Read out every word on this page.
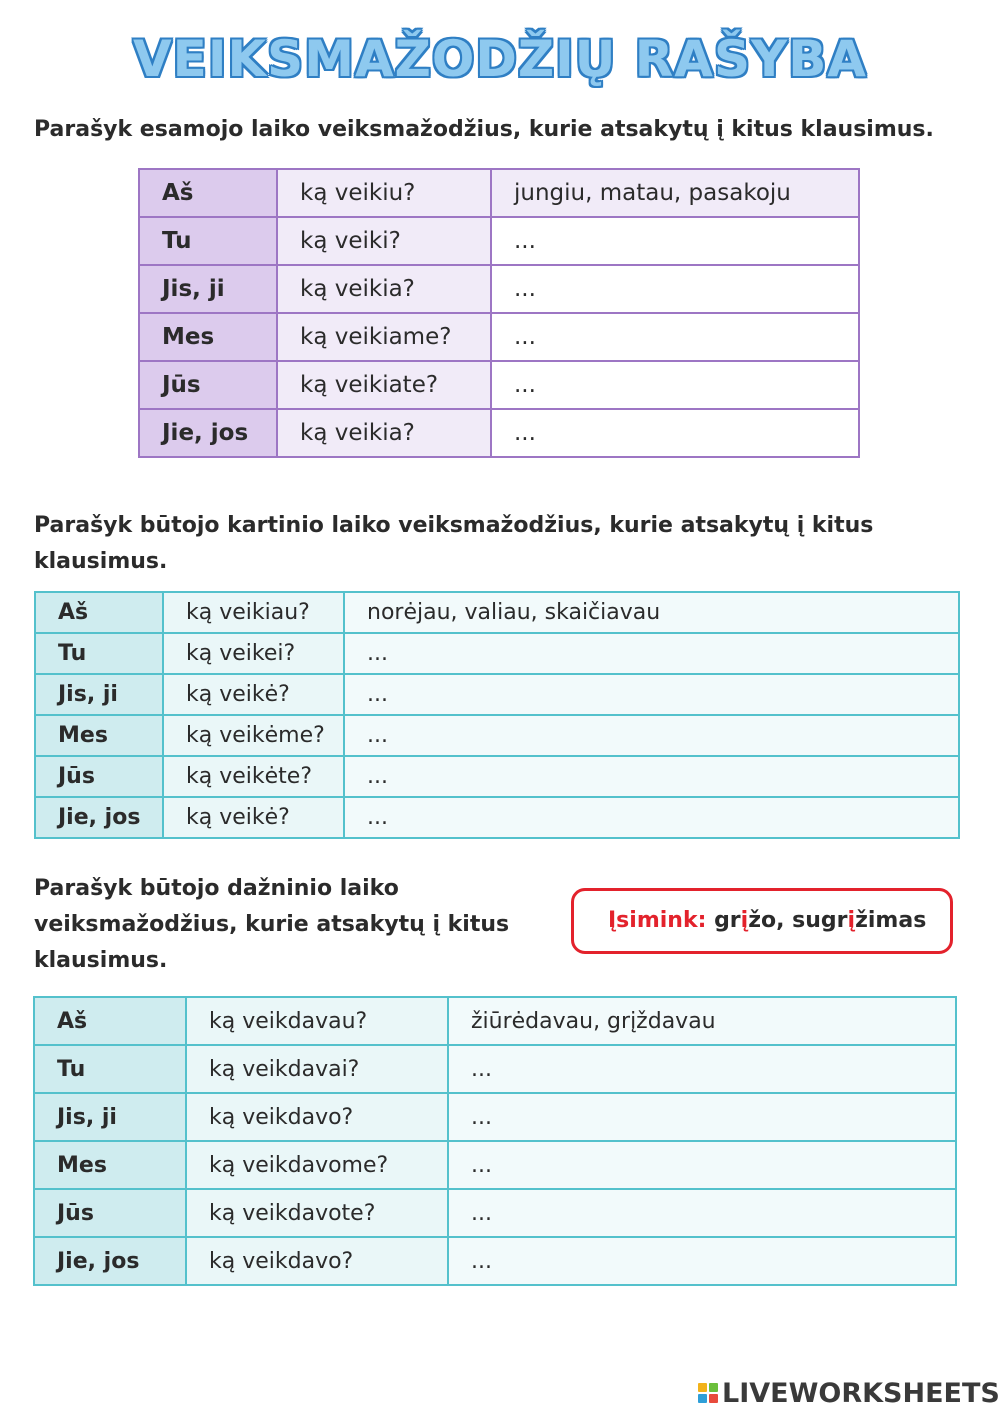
VEIKSMAŽODŽIŲ RAŠYBA
Parašyk esamojo laiko veiksmažodžius, kurie atsakytų į kitus klausimus.
Aš	ką veikiu?	jungiu, matau, pasakoju
Tu	ką veiki?	...
Jis, ji	ką veikia?	...
Mes	ką veikiame?	...
Jūs	ką veikiate?	...
Jie, jos	ką veikia?	...
Parašyk būtojo kartinio laiko veiksmažodžius, kurie atsakytų į kitus
klausimus.
Aš	ką veikiau?	norėjau, valiau, skaičiavau
Tu	ką veikei?	...
Jis, ji	ką veikė?	...
Mes	ką veikėme?	...
Jūs	ką veikėte?	...
Jie, jos	ką veikė?	...
Parašyk būtojo dažninio laiko
veiksmažodžius, kurie atsakytų į kitus
klausimus.
Įsimink: grįžo, sugrįžimas
Aš	ką veikdavau?	žiūrėdavau, grįždavau
Tu	ką veikdavai?	...
Jis, ji	ką veikdavo?	...
Mes	ką veikdavome?	...
Jūs	ką veikdavote?	...
Jie, jos	ką veikdavo?	...
LIVEWORKSHEETS
